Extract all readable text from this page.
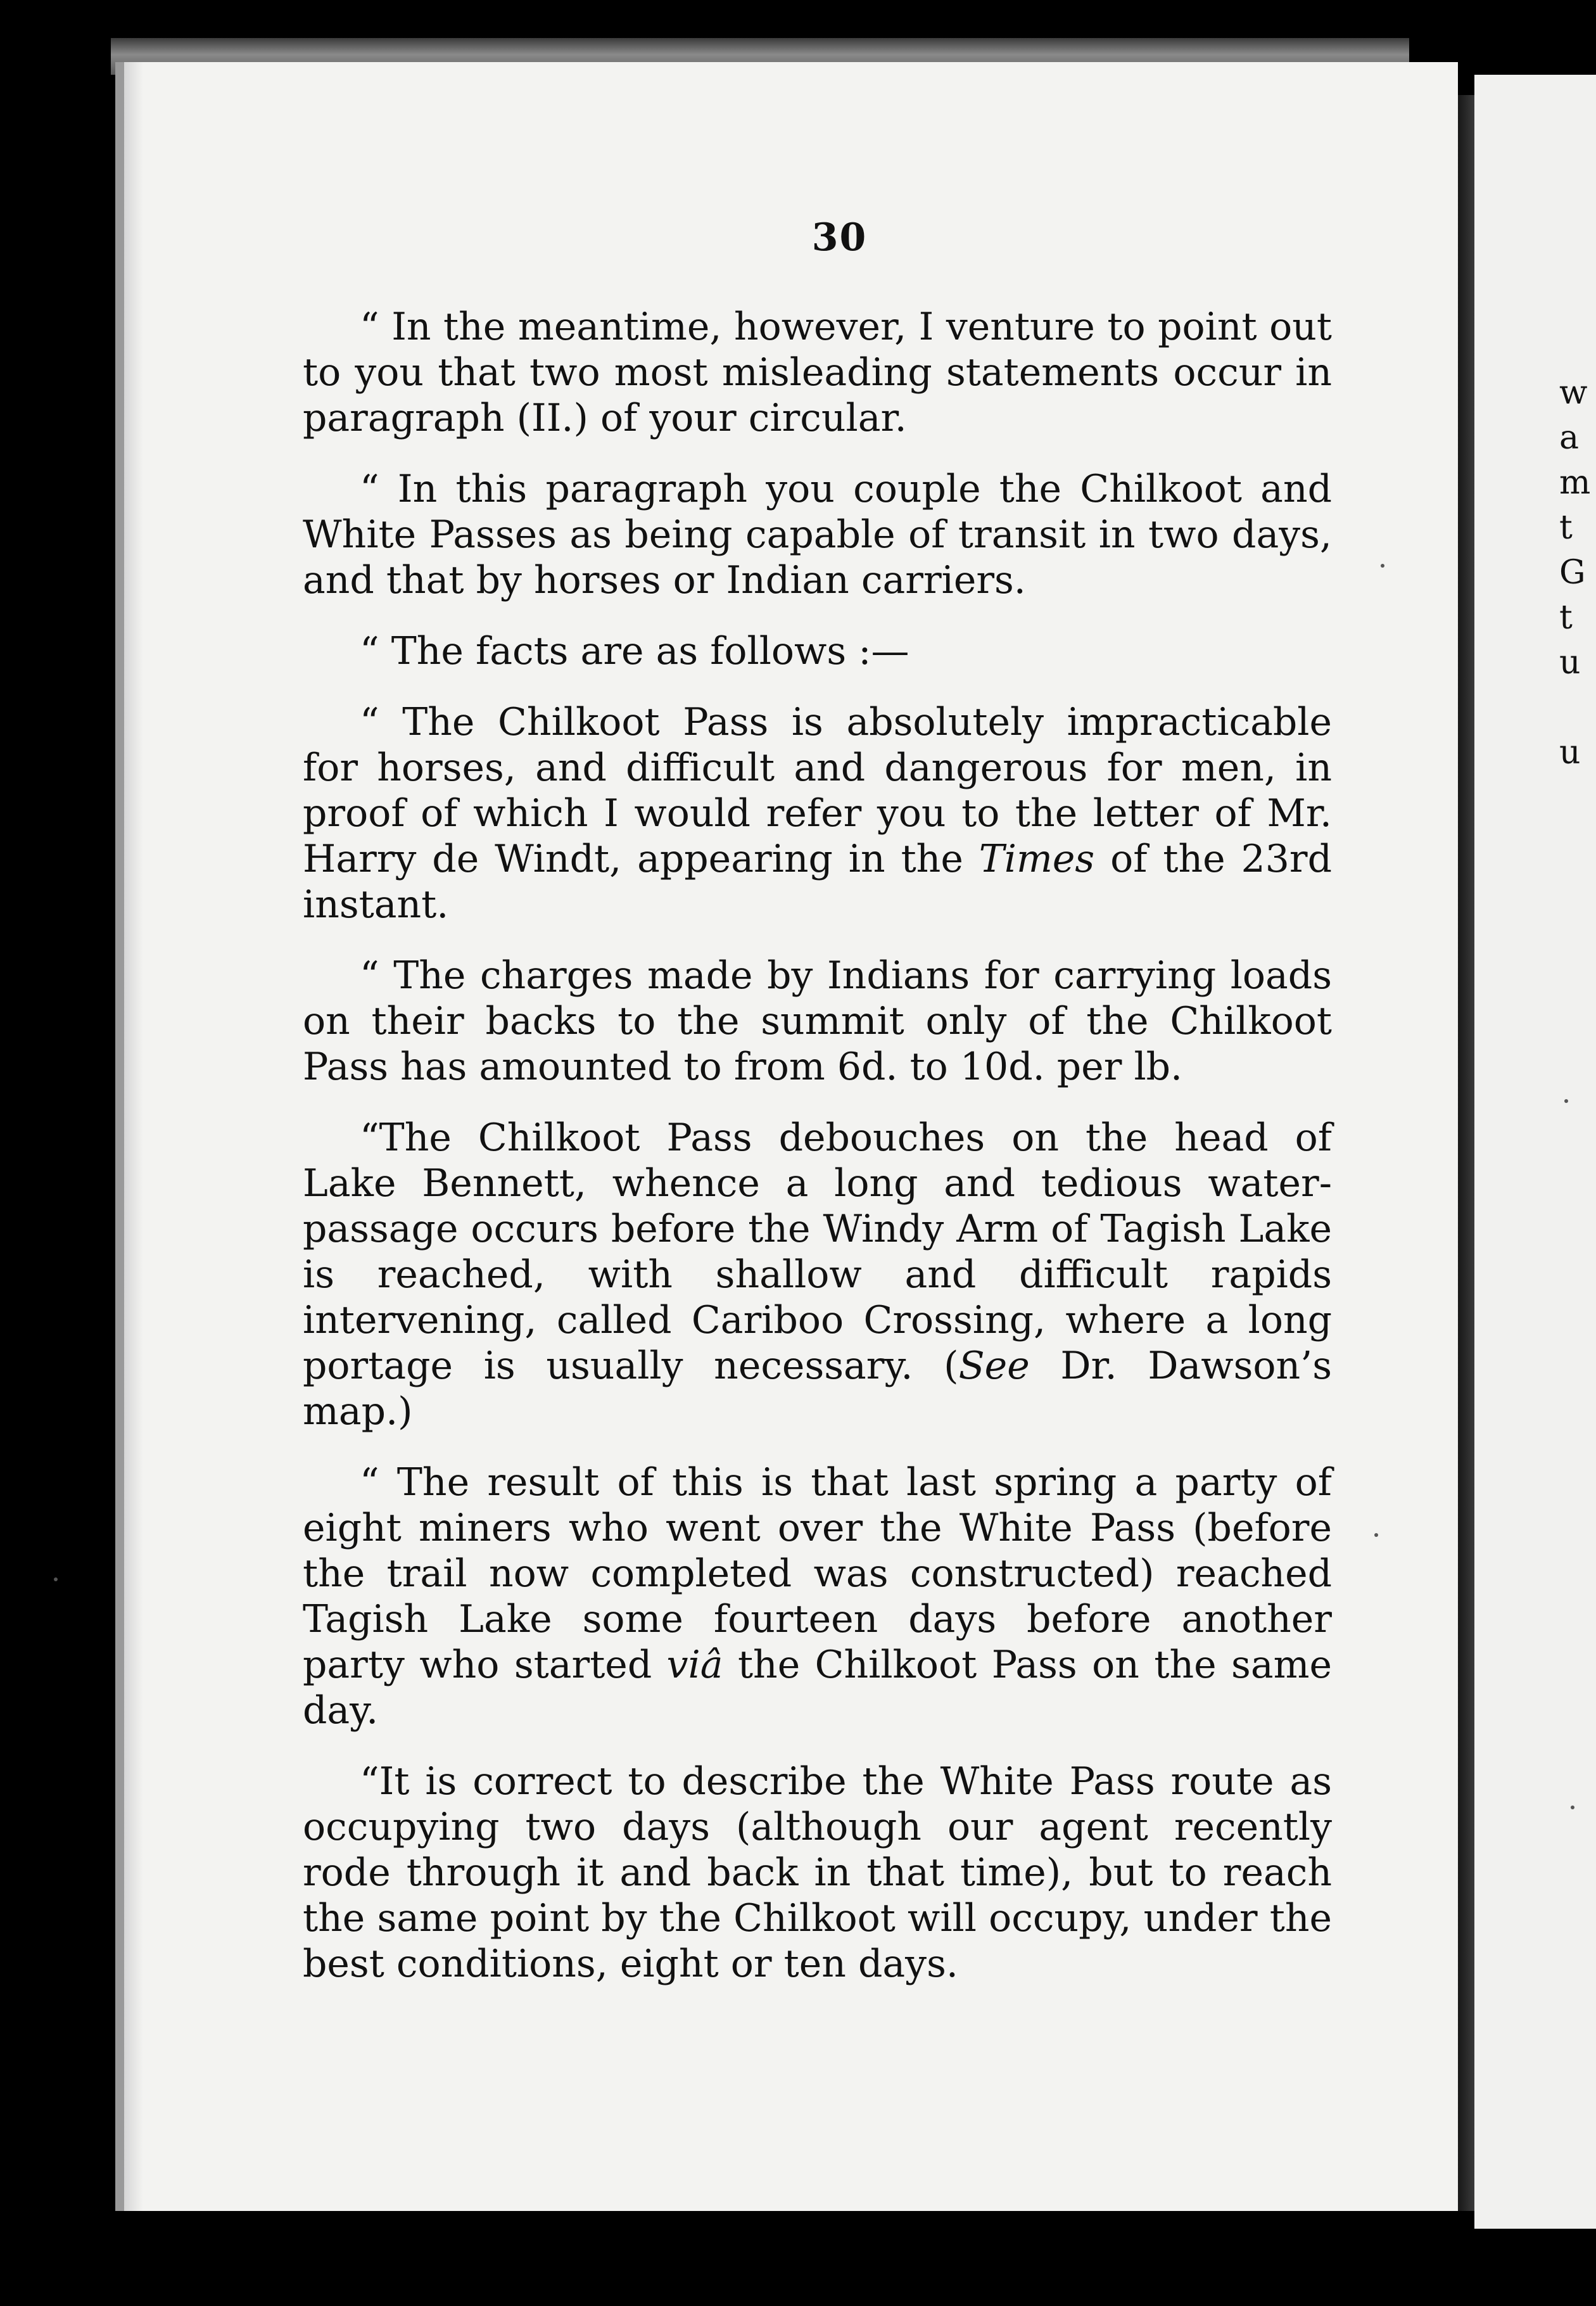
w
a
m
t
G
t
u
u
30

“ In the meantime, however, I venture to point out to you that two most misleading statements occur in paragraph (II.) of your circular.

“ In this paragraph you couple the Chilkoot and White Passes as being capable of transit in two days, and that by horses or Indian carriers.

“ The facts are as follows :—

“ The Chilkoot Pass is absolutely impracticable for horses, and difficult and dangerous for men, in proof of which I would refer you to the letter of Mr. Harry de Windt, appearing in the Times of the 23rd instant.

“ The charges made by Indians for carrying loads on their backs to the summit only of the Chilkoot Pass has amounted to from 6d. to 10d. per lb.

“The Chilkoot Pass debouches on the head of Lake Bennett, whence a long and tedious water-passage occurs before the Windy Arm of Tagish Lake is reached, with shallow and difficult rapids intervening, called Cariboo Crossing, where a long portage is usually necessary. (See Dr. Dawson’s map.)

“ The result of this is that last spring a party of eight miners who went over the White Pass (before the trail now completed was constructed) reached Tagish Lake some fourteen days before another party who started viâ the Chilkoot Pass on the same day.

“It is correct to describe the White Pass route as occupying two days (although our agent recently rode through it and back in that time), but to reach the same point by the Chilkoot will occupy, under the best conditions, eight or ten days.
